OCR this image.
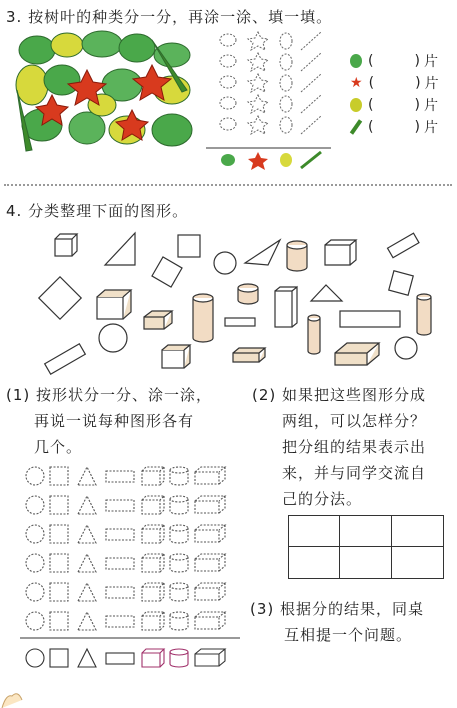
3. 按树叶的种类分一分，再涂一涂、填一填。
(	) 片
★ (	) 片
(	) 片
(	) 片
4. 分类整理下面的图形。
(1) 按形状分一分、涂一涂，
再说一说每种图形各有
几个。
(2) 如果把这些图形分成
两组，可以怎样分？
把分组的结果表示出
来，并与同学交流自
己的分法。
(3) 根据分的结果，同桌
互相提一个问题。
